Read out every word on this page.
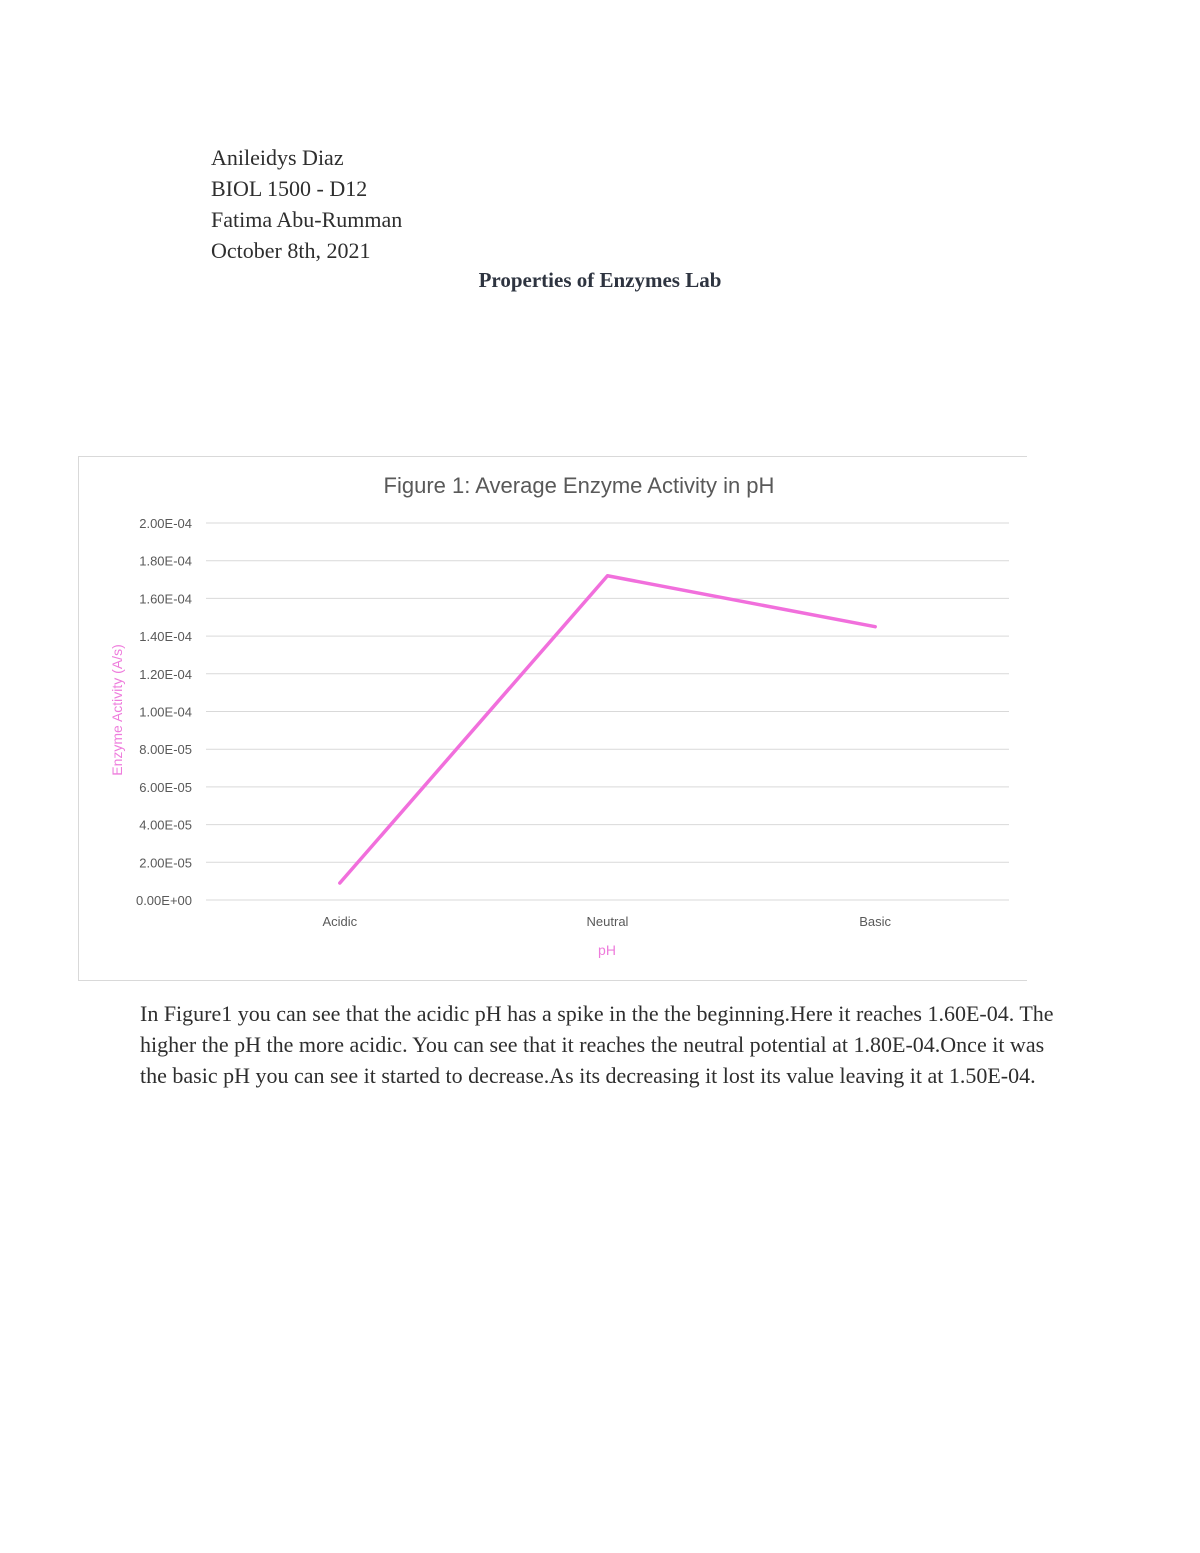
Anileidys Diaz
BIOL 1500 - D12
Fatima Abu-Rumman
October 8th, 2021
Properties of Enzymes Lab
Figure 1: Average Enzyme Activity in pH
0.00E+00
2.00E-05
4.00E-05
6.00E-05
8.00E-05
1.00E-04
1.20E-04
1.40E-04
1.60E-04
1.80E-04
2.00E-04
Acidic	Neutral	Basic
pH
Enzyme Activity (A/s)
In Figure1 you can see that the acidic pH has a spike in the the beginning.Here it reaches 1.60E-04. The higher the pH the more acidic. You can see that it reaches the neutral potential at 1.80E-04.Once it was the basic pH you can see it started to decrease.As its decreasing it lost its value leaving it at 1.50E-04.
